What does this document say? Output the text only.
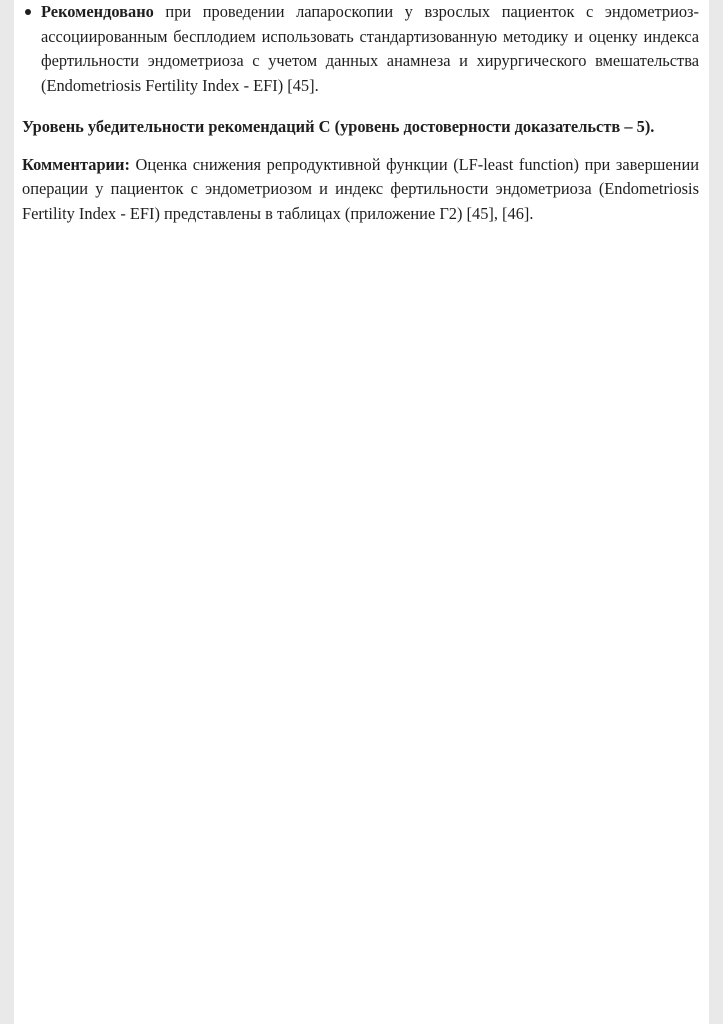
Рекомендовано при проведении лапароскопии у взрослых пациенток с эндометриоз-ассоциированным бесплодием использовать стандартизованную методику и оценку индекса фертильности эндометриоза с учетом данных анамнеза и хирургического вмешательства (Endometriosis Fertility Index - EFI) [45].

Уровень убедительности рекомендаций С (уровень достоверности доказательств – 5).

Комментарии: Оценка снижения репродуктивной функции (LF-least function) при завершении операции у пациенток с эндометриозом и индекс фертильности эндометриоза (Endometriosis Fertility Index - EFI) представлены в таблицах (приложение Г2) [45], [46].
